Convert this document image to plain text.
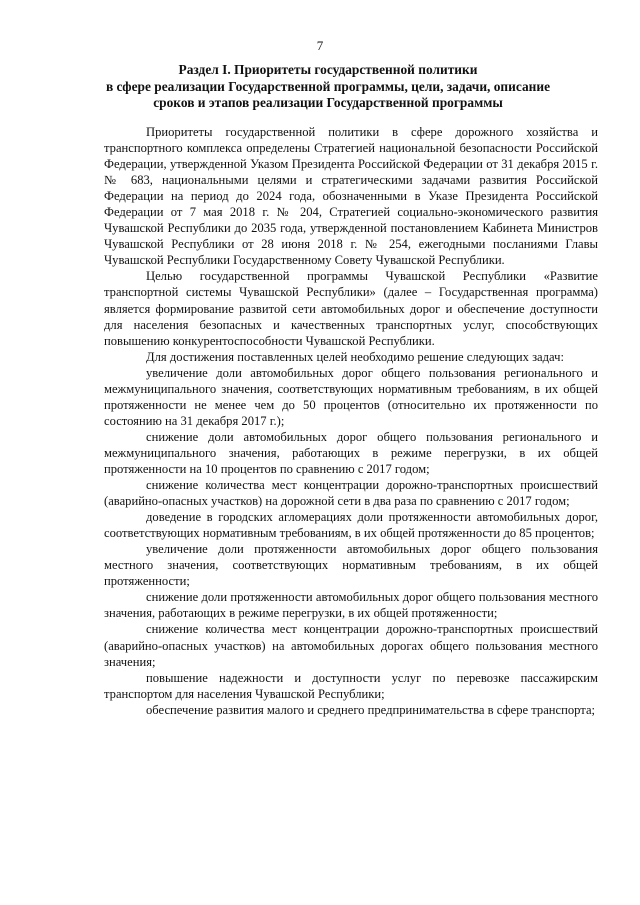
7
Раздел I. Приоритеты государственной политики
в сфере реализации Государственной программы, цели, задачи, описание
сроков и этапов реализации Государственной программы

Приоритеты государственной политики в сфере дорожного хозяйства и транспортного комплекса определены Стратегией национальной безопасности Российской Федерации, утвержденной Указом Президента Российской Федерации от 31 декабря 2015 г. № 683, национальными целями и стратегическими задачами развития Российской Федерации на период до 2024 года, обозначенными в Указе Президента Российской Федерации от 7 мая 2018 г. № 204, Стратегией социально-экономического развития Чувашской Республики до 2035 года, утвержденной постановлением Кабинета Министров Чувашской Республики от 28 июня 2018 г. № 254, ежегодными посланиями Главы Чувашской Республики Государственному Совету Чувашской Республики.

Целью государственной программы Чувашской Республики «Развитие транспортной системы Чувашской Республики» (далее – Государственная программа) является формирование развитой сети автомобильных дорог и обеспечение доступности для населения безопасных и качественных транспортных услуг, способствующих повышению конкурентоспособности Чувашской Республики.

Для достижения поставленных целей необходимо решение следующих задач:

увеличение доли автомобильных дорог общего пользования регионального и межмуниципального значения, соответствующих нормативным требованиям, в их общей протяженности не менее чем до 50 процентов (относительно их протяженности по состоянию на 31 декабря 2017 г.);

снижение доли автомобильных дорог общего пользования регионального и межмуниципального значения, работающих в режиме перегрузки, в их общей протяженности на 10 процентов по сравнению с 2017 годом;

снижение количества мест концентрации дорожно-транспортных происшествий (аварийно-опасных участков) на дорожной сети в два раза по сравнению с 2017 годом;

доведение в городских агломерациях доли протяженности автомобильных дорог, соответствующих нормативным требованиям, в их общей протяженности до 85 процентов;

увеличение доли протяженности автомобильных дорог общего пользования местного значения, соответствующих нормативным требованиям, в их общей протяженности;

снижение доли протяженности автомобильных дорог общего пользования местного значения, работающих в режиме перегрузки, в их общей протяженности;

снижение количества мест концентрации дорожно-транспортных происшествий (аварийно-опасных участков) на автомобильных дорогах общего пользования местного значения;

повышение надежности и доступности услуг по перевозке пассажирским транспортом для населения Чувашской Республики;

обеспечение развития малого и среднего предпринимательства в сфере транспорта;
